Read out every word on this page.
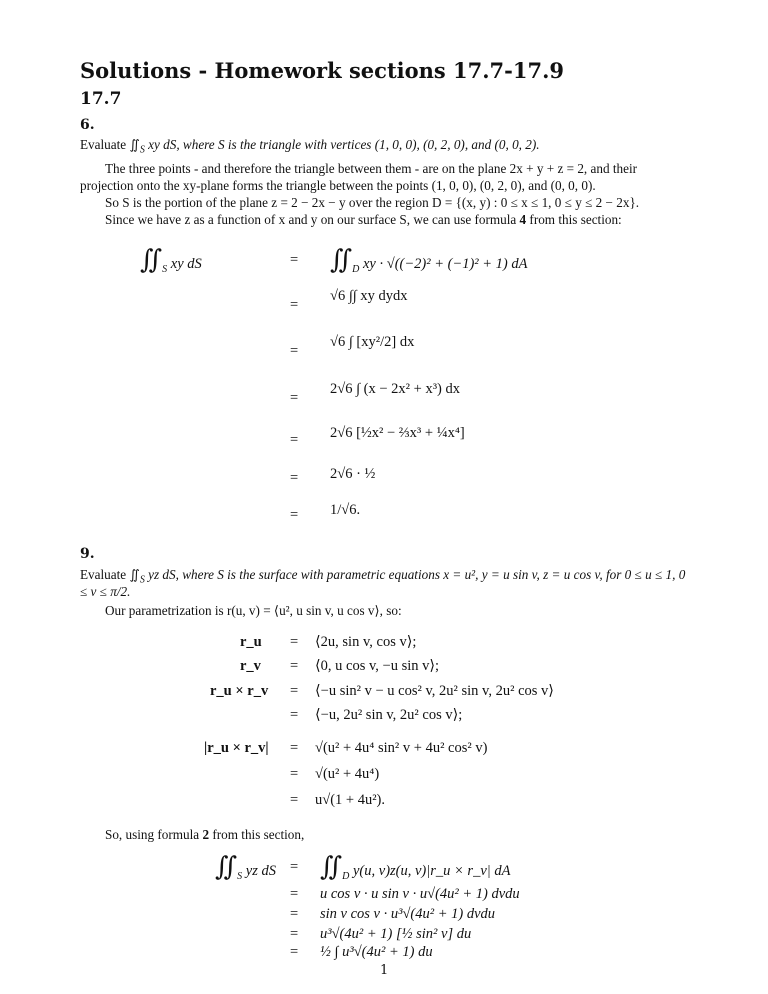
Solutions - Homework sections 17.7-17.9
17.7
6.
Evaluate $∬_S$ xy dS, where S is the triangle with vertices (1, 0, 0), (0, 2, 0), and (0, 0, 2).
The three points - and therefore the triangle between them - are on the plane 2x + y + z = 2, and their projection onto the xy-plane forms the triangle between the points (1, 0, 0), (0, 2, 0), and (0, 0, 0).
So S is the portion of the plane z = 2 − 2x − y over the region D = {(x, y) : 0 ≤ x ≤ 1, 0 ≤ y ≤ 2 − 2x}.
Since we have z as a function of x and y on our surface S, we can use formula 4 from this section:
$∬_S$ xy dS	= $∬_D$ xy · √((−2)² + (−1)² + 1) dA
=
√6 ∫∫ xy dydx
=
√6 ∫ [xy²/2] dx
=
2√6 ∫ (x − 2x² + x³) dx
= 2√6 [½x² − ⅔x³ + ¼x⁴]
= 2√6 · ½
= 1/√6.
9.
Evaluate $∬_S$ yz dS, where S is the surface with parametric equations x = u², y = u sin v, z = u cos v, for 0 ≤ u ≤ 1, 0 ≤ v ≤ π/2.
Our parametrization is r(u, v) = ⟨u², u sin v, u cos v⟩, so:
r_u = ⟨2u, sin v, cos v⟩;
r_v = ⟨0, u cos v, −u sin v⟩;
r_u × r_v = ⟨−u sin² v − u cos² v, 2u² sin v, 2u² cos v⟩
= ⟨−u, 2u² sin v, 2u² cos v⟩;
|r_u × r_v| = √(u² + 4u⁴ sin² v + 4u² cos² v)
= √(u² + 4u⁴)
= u√(1 + 4u²).
So, using formula 2 from this section,
$∬_S$ yz dS = $∬_D$ y(u, v)z(u, v)|r_u × r_v| dA
= u cos v · u sin v · u√(4u² + 1) dvdu
= sin v cos v · u³√(4u² + 1) dvdu
= u³√(4u² + 1) [½ sin² v] du
= ½ ∫ u³√(4u² + 1) du
1
